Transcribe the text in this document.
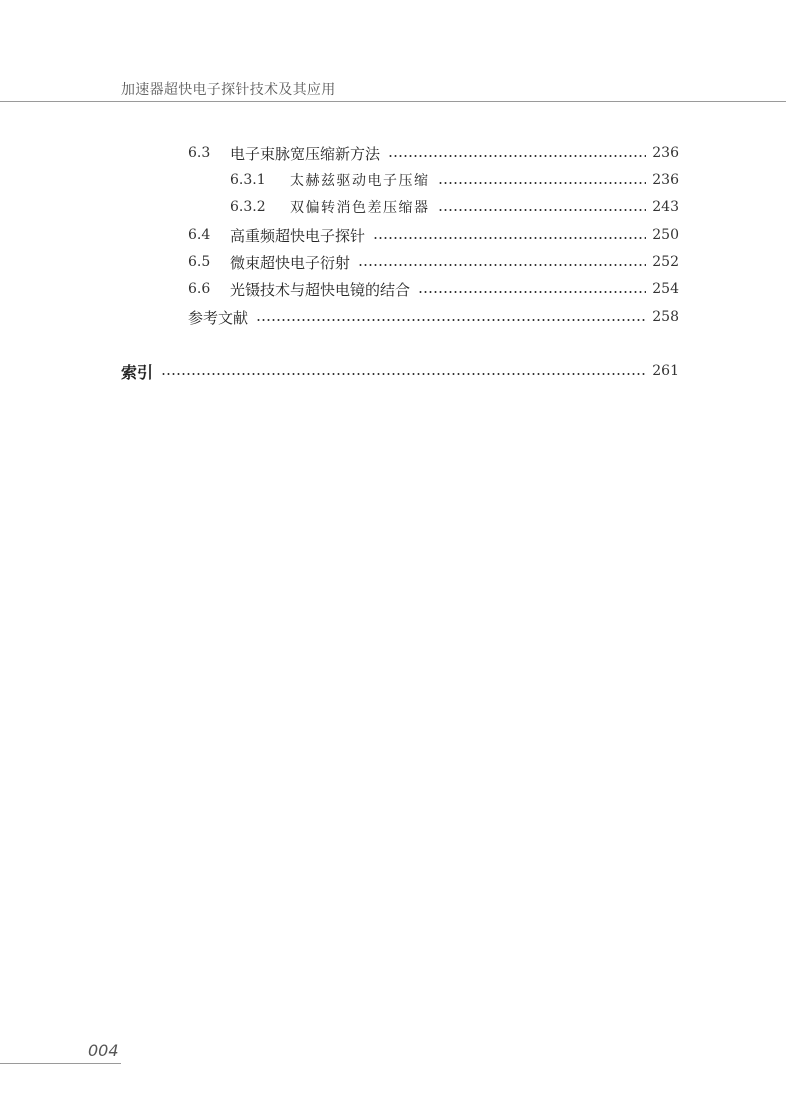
加速器超快电子探针技术及其应用
6.3	电子束脉宽压缩新方法	236
6.3.1	太赫兹驱动电子压缩	236
6.3.2	双偏转消色差压缩器	243
6.4	高重频超快电子探针	250
6.5	微束超快电子衍射	252
6.6	光镊技术与超快电镜的结合	254
参考文献	258
索引	261
004
